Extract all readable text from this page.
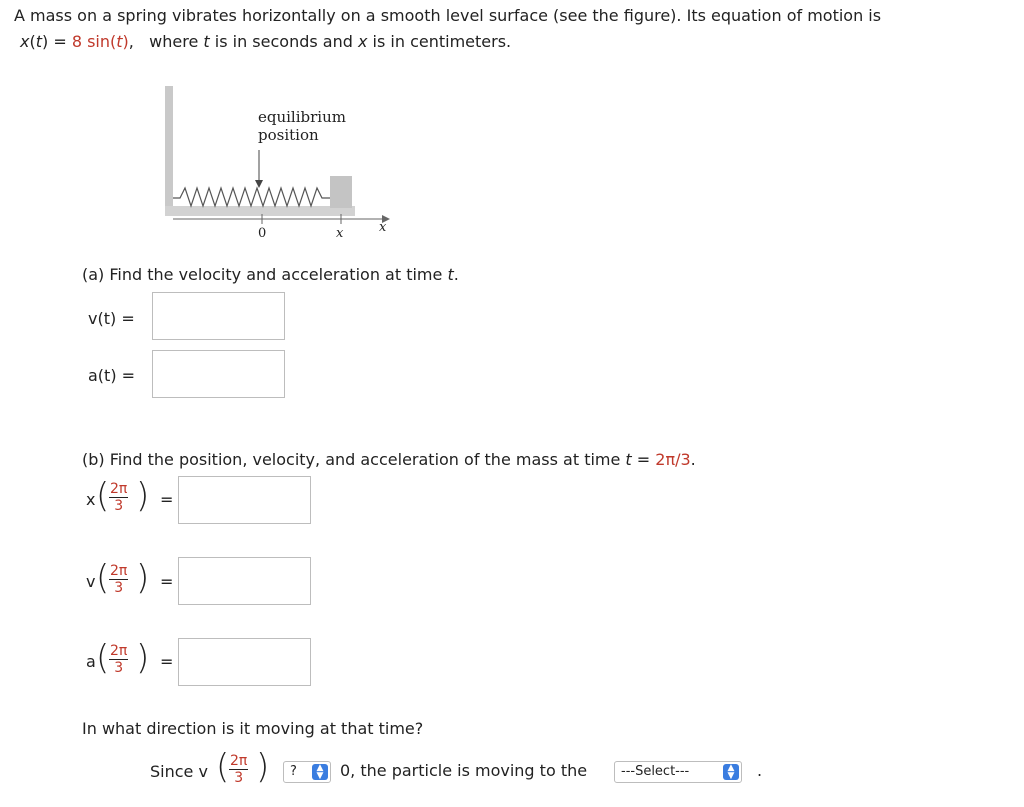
A mass on a spring vibrates horizontally on a smooth level surface (see the figure). Its equation of motion is
x(t) = 8 sin(t), where t is in seconds and x is in centimeters.
equilibrium
position
0	x	x
(a) Find the velocity and acceleration at time t.
v(t) =
a(t) =
(b) Find the position, velocity, and acceleration of the mass at time t = 2π/3.
x ( $\frac{2\pi}{3}$ ) =
v ( $\frac{2\pi}{3}$ ) =
a ( $\frac{2\pi}{3}$ ) =
In what direction is it moving at that time?
Since v ( $\frac{2\pi}{3}$ ) ?	▲
▼ 0, the particle is moving to the	---Select---	▲
▼ .
